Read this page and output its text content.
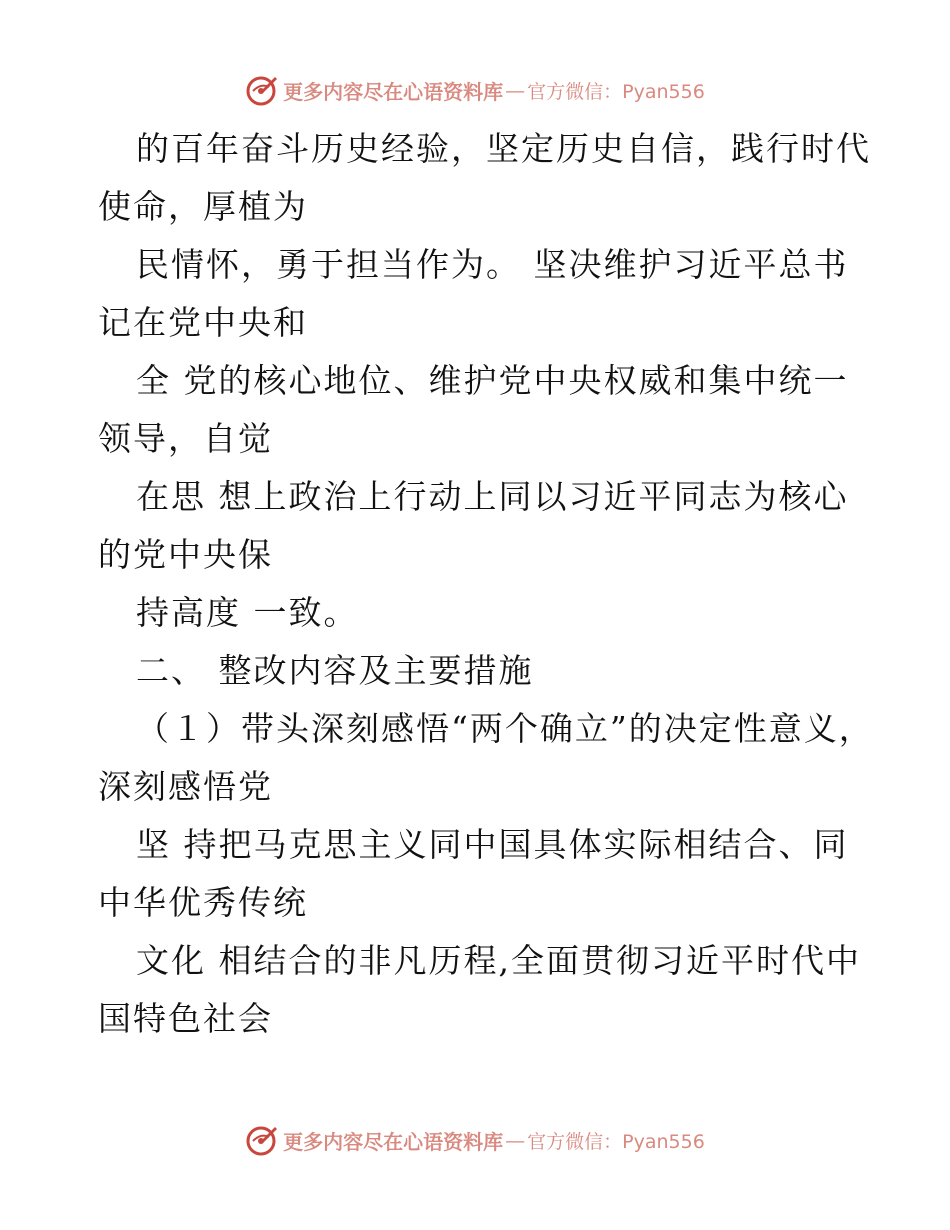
更多内容尽在心语资料库 — 官方微信：Pyan556
的百年奋斗历史经验，坚定历史自信，践行时代
使命，厚植为
民情怀，勇于担当作为。 坚决维护习近平总书
记在党中央和
全 党的核心地位、维护党中央权威和集中统一
领导，自觉
在思 想上政治上行动上同以习近平同志为核心
的党中央保
持高度 一致。
二、 整改内容及主要措施
（１）带头深刻感悟“两个确立”的决定性意义，
深刻感悟党
坚 持把马克思主义同中国具体实际相结合、同
中华优秀传统
文化 相结合的非凡历程,全面贯彻习近平时代中
国特色社会
更多内容尽在心语资料库 — 官方微信：Pyan556
